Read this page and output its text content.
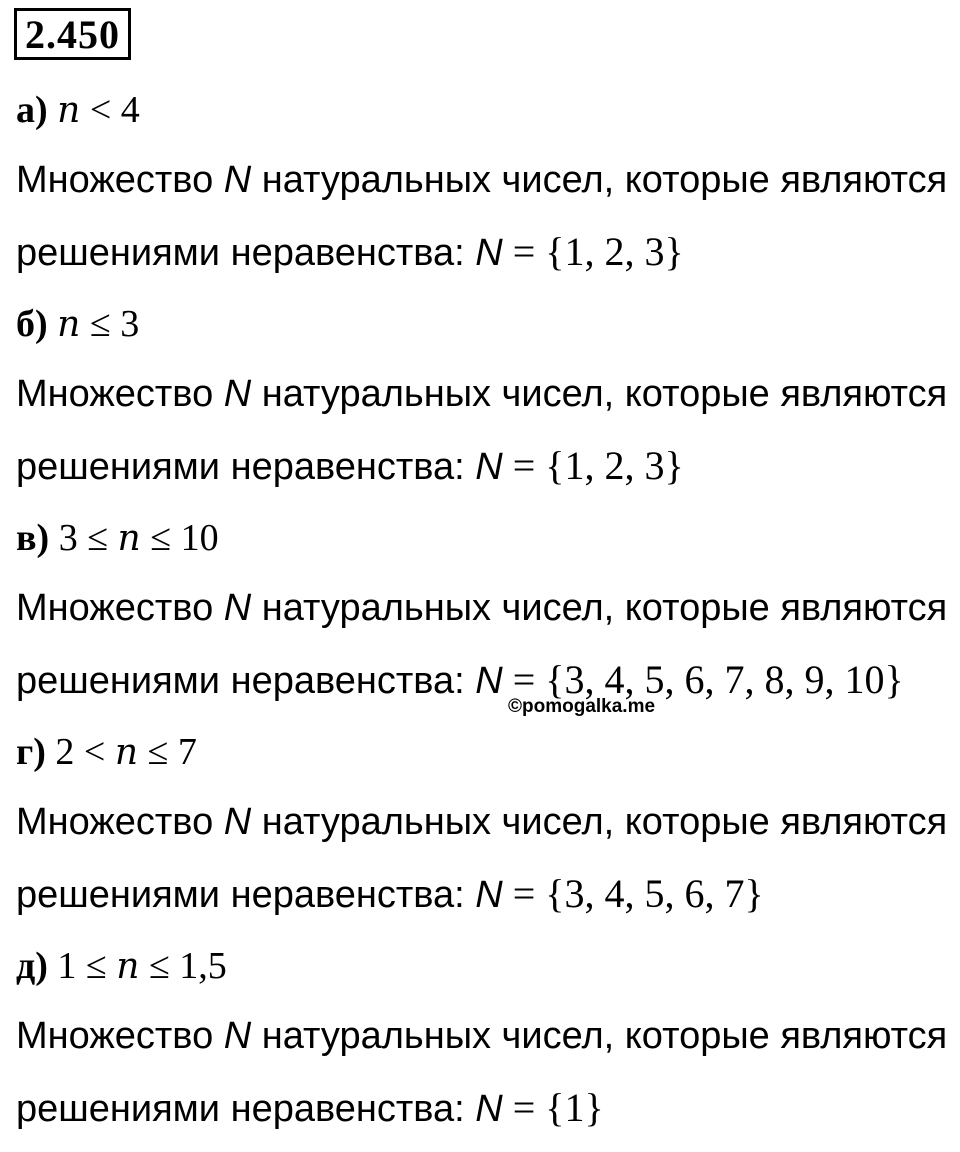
2.450
а) n < 4
Множество N натуральных чисел, которые являются
решениями неравенства: N = {1, 2, 3}
б) n ≤ 3
Множество N натуральных чисел, которые являются
решениями неравенства: N = {1, 2, 3}
в) 3 ≤ n ≤ 10
Множество N натуральных чисел, которые являются
решениями неравенства: N = {3, 4, 5, 6, 7, 8, 9, 10}
©pomogalka.me
г) 2 < n ≤ 7
Множество N натуральных чисел, которые являются
решениями неравенства: N = {3, 4, 5, 6, 7}
д) 1 ≤ n ≤ 1,5
Множество N натуральных чисел, которые являются
решениями неравенства: N = {1}
